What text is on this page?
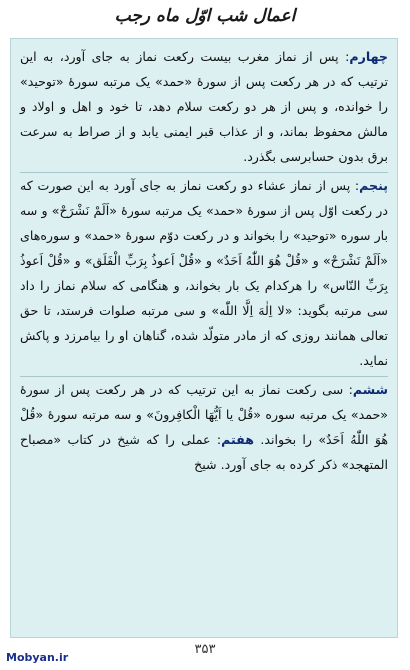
اعمال شب اوّل ماه رجب

چهارم: پس از نماز مغرب بیست رکعت نماز به جای آورد، به این ترتیب که در هر رکعت پس از سورهٔ «حمد» یک مرتبه سورهٔ «توحید» را خوانده، و پس از هر دو رکعت سلام دهد، تا خود و اهل و اولاد و مالش محفوظ بماند، و از عذاب قبر ایمنی یابد و از صراط به سرعت برق بدون حسابرسی بگذرد.

پنجم: پس از نماز عشاء دو رکعت نماز به جای آورد به این صورت که در رکعت اوّل پس از سورهٔ «حمد» یک مرتبه سورهٔ «اَلَمْ نَشْرَحْ» و سه بار سوره «توحید» را بخواند و در رکعت دوّم سورهٔ «حمد» و سوره‌های «اَلَمْ نَشْرَحْ» و «قُلْ هُوَ اللّٰهُ اَحَدٌ» و «قُلْ اَعوذُ بِرَبِّ الْفَلَق» و «قُلْ اَعوذُ بِرَبِّ النّاس» را هرکدام یک بار بخواند، و هنگامی که سلام نماز را داد سی مرتبه بگوید: «لا اِلٰهَ اِلَّا اللّٰه» و سی مرتبه صلوات فرستد، تا حق تعالی همانند روزی که از مادر متولّد شده، گناهان او را بیامرزد و پاکش نماید.

ششم: سی رکعت نماز به این ترتیب که در هر رکعت پس از سورهٔ «حمد» یک مرتبه سوره «قُلْ یا اَیُّهَا الْکافِرونَ» و سه مرتبه سورهٔ «قُلْ هُوَ اللّٰهُ اَحَدٌ» را بخواند. هفتم: عملی را که شیخ در کتاب «مصباح المتهجد» ذکر کرده به جای آورد. شیخ

۳۵۳
Mobyan.ir
